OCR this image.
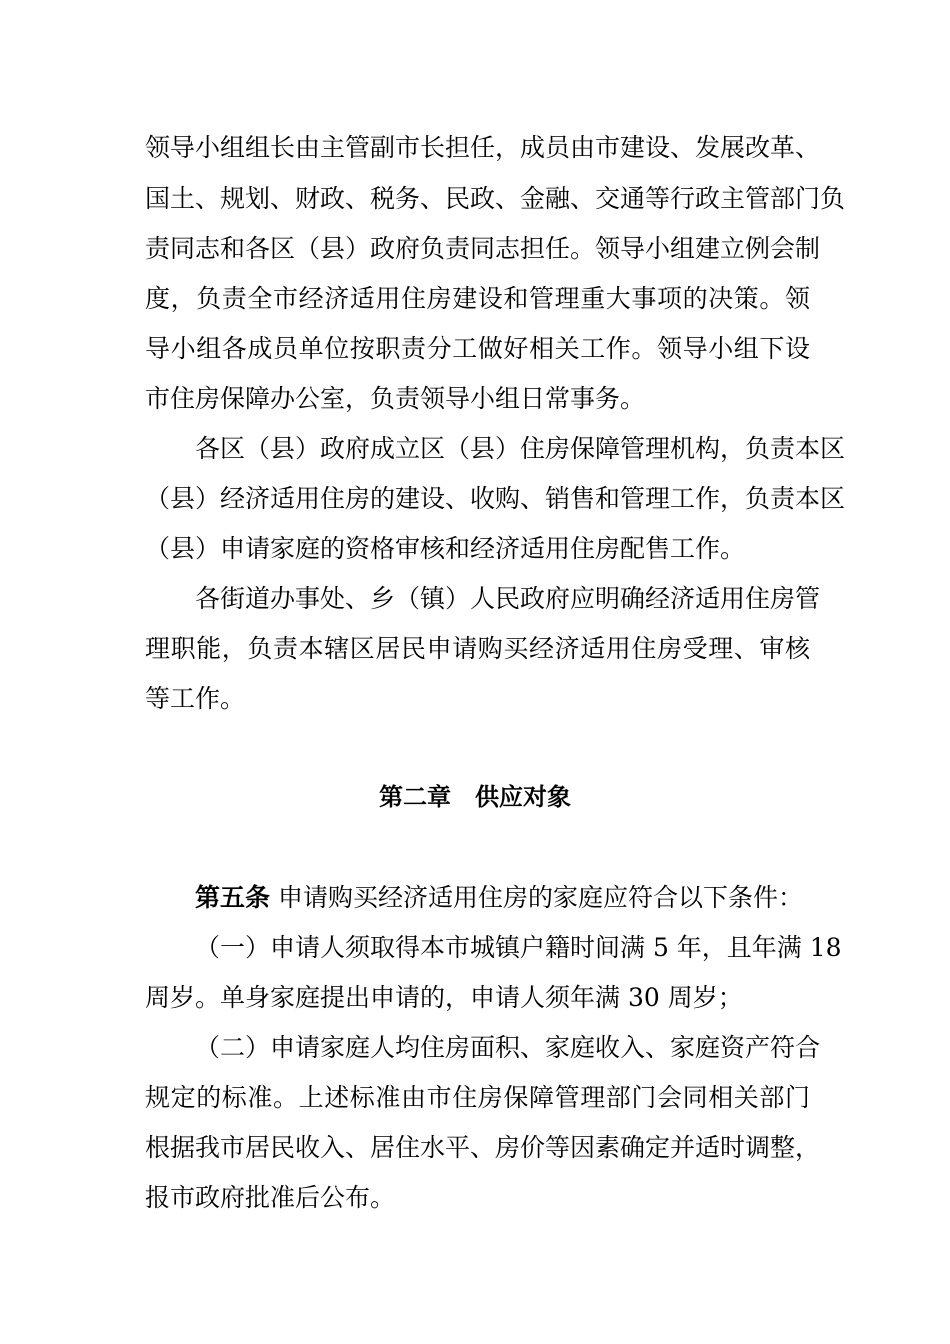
领导小组组长由主管副市长担任，成员由市建设、发展改革、
国土、规划、财政、税务、民政、金融、交通等行政主管部门负
责同志和各区（县）政府负责同志担任。领导小组建立例会制
度，负责全市经济适用住房建设和管理重大事项的决策。领
导小组各成员单位按职责分工做好相关工作。领导小组下设
市住房保障办公室，负责领导小组日常事务。
各区（县）政府成立区（县）住房保障管理机构，负责本区
（县）经济适用住房的建设、收购、销售和管理工作，负责本区
（县）申请家庭的资格审核和经济适用住房配售工作。
各街道办事处、乡（镇）人民政府应明确经济适用住房管
理职能，负责本辖区居民申请购买经济适用住房受理、审核
等工作。
第二章　供应对象
第五条 申请购买经济适用住房的家庭应符合以下条件：
（一）申请人须取得本市城镇户籍时间满 5 年，且年满 18
周岁。单身家庭提出申请的，申请人须年满 30 周岁；
（二）申请家庭人均住房面积、家庭收入、家庭资产符合
规定的标准。上述标准由市住房保障管理部门会同相关部门
根据我市居民收入、居住水平、房价等因素确定并适时调整，
报市政府批准后公布。
